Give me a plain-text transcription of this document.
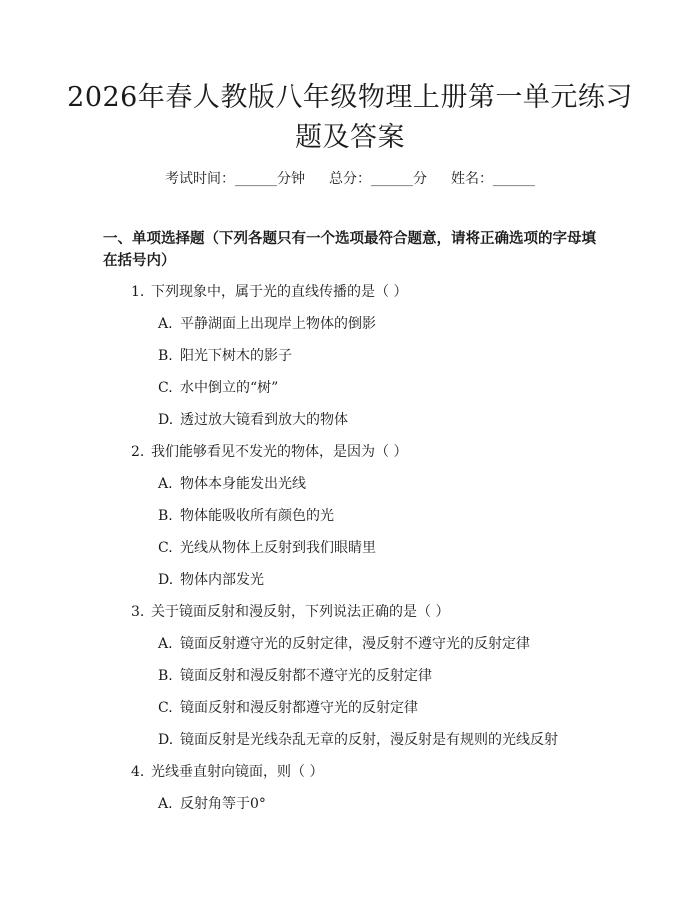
2026年春人教版八年级物理上册第一单元练习题及答案
考试时间：______分钟 总分：______分 姓名：______
一、单项选择题（下列各题只有一个选项最符合题意，请将正确选项的字母填在括号内）
1. 下列现象中，属于光的直线传播的是（ ）
A. 平静湖面上出现岸上物体的倒影
B. 阳光下树木的影子
C. 水中倒立的“树”
D. 透过放大镜看到放大的物体
2. 我们能够看见不发光的物体，是因为（ ）
A. 物体本身能发出光线
B. 物体能吸收所有颜色的光
C. 光线从物体上反射到我们眼睛里
D. 物体内部发光
3. 关于镜面反射和漫反射，下列说法正确的是（ ）
A. 镜面反射遵守光的反射定律，漫反射不遵守光的反射定律
B. 镜面反射和漫反射都不遵守光的反射定律
C. 镜面反射和漫反射都遵守光的反射定律
D. 镜面反射是光线杂乱无章的反射，漫反射是有规则的光线反射
4. 光线垂直射向镜面，则（ ）
A. 反射角等于0°
